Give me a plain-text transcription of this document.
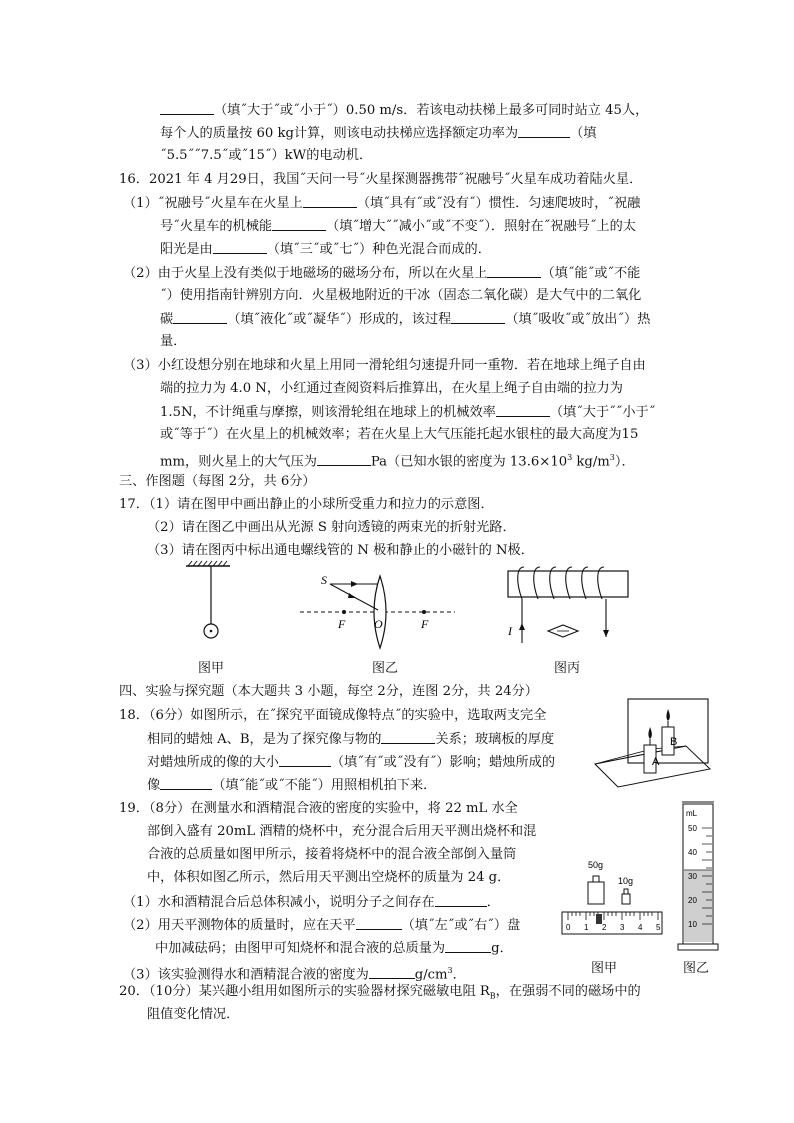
（填˝大于˝或˝小于˝）0.50 m/s．若该电动扶梯上最多可同时站立 45人，
每个人的质量按 60 kg计算，则该电动扶梯应选择额定功率为	（填
˝5.5˝˝7.5˝或˝15˝）kW的电动机．
16．2021 年 4 月29日，我国˝天问一号˝火星探测器携带˝祝融号˝火星车成功着陆火星．
（1）˝祝融号˝火星车在火星上	（填˝具有˝或˝没有˝）惯性．匀速爬坡时，˝祝融
号˝火星车的机械能	（填˝增大˝˝减小˝或˝不变˝）．照射在˝祝融号˝上的太
阳光是由	（填˝三˝或˝七˝）种色光混合而成的．
（2）由于火星上没有类似于地磁场的磁场分布，所以在火星上	（填˝能˝或˝不能
˝）使用指南针辨别方向．火星极地附近的干冰（固态二氧化碳）是大气中的二氧化
碳	（填˝液化˝或˝凝华˝）形成的，该过程	（填˝吸收˝或˝放出˝）热
量．
（3）小红设想分别在地球和火星上用同一滑轮组匀速提升同一重物．若在地球上绳子自由
端的拉力为 4.0 N，小红通过查阅资料后推算出，在火星上绳子自由端的拉力为
1.5N，不计绳重与摩擦，则该滑轮组在地球上的机械效率	（填˝大于˝˝小于˝
或˝等于˝）在火星上的机械效率；若在火星上大气压能托起水银柱的最大高度为15
mm，则火星上的大气压为	Pa（已知水银的密度为 $13.6\times 10^3$ $kg/m^3$）．
三、作图题（每图 2分，共 6分）
17．（1）请在图甲中画出静止的小球所受重力和拉力的示意图．
（2）请在图乙中画出从光源 S 射向透镜的两束光的折射光路．
（3）请在图丙中标出通电螺线管的 N 极和静止的小磁针的 N极．
图甲
S
F O	F
图乙
I
图丙
四、实验与探究题（本大题共 3 小题，每空 2分，连图 2分，共 24分）
18．（6分）如图所示，在˝探究平面镜成像特点˝的实验中，选取两支完全
相同的蜡烛 A、B，是为了探究像与物的	关系；玻璃板的厚度
对蜡烛所成的像的大小	（填˝有˝或˝没有˝）影响；蜡烛所成的
像	（填˝能˝或˝不能˝）用照相机拍下来．
B
A
19．（8分）在测量水和酒精混合液的密度的实验中，将 22 mL 水全
部倒入盛有 20mL 酒精的烧杯中，充分混合后用天平测出烧杯和混
合液的总质量如图甲所示，接着将烧杯中的混合液全部倒入量筒
中，体积如图乙所示，然后用天平测出空烧杯的质量为 24 g．
（1）水和酒精混合后总体积减小，说明分子之间存在	．
（2）用天平测物体的质量时，应在天平	（填˝左˝或˝右˝）盘
中加减砝码；由图甲可知烧杯和混合液的总质量为	g．
（3）该实验测得水和酒精混合液的密度为	$g/cm^3$．
50g
10g
0 1 2 3 4 5
图甲
mL
50
40
30
20
10
图乙
20．（10分）某兴趣小组用如图所示的实验器材探究磁敏电阻 $R_B$，在强弱不同的磁场中的
阻值变化情况．
